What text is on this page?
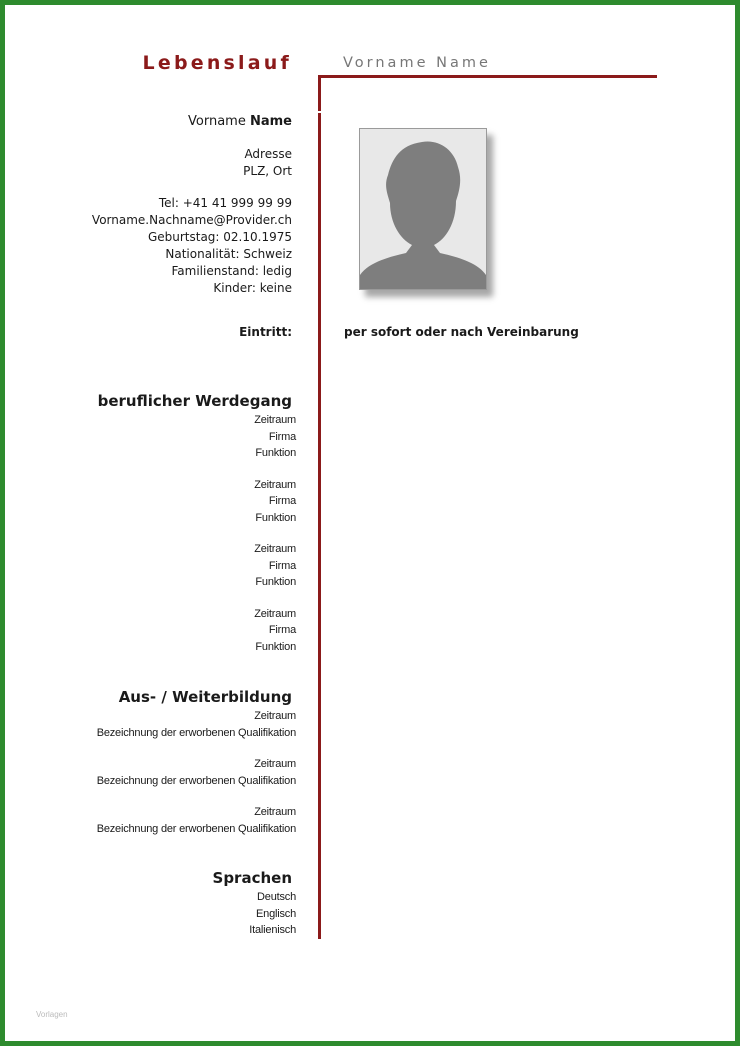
Lebenslauf	Vorname Name
Vorname Name
Adresse
PLZ, Ort
Tel: +41 41 999 99 99
Vorname.Nachname@Provider.ch
Geburtstag: 02.10.1975
Nationalität: Schweiz
Familienstand: ledig
Kinder: keine
Eintritt:	per sofort oder nach Vereinbarung
beruflicher Werdegang
Zeitraum
Firma
Funktion
Zeitraum
Firma
Funktion
Zeitraum
Firma
Funktion
Zeitraum
Firma
Funktion
Aus- / Weiterbildung
Zeitraum
Bezeichnung der erworbenen Qualifikation
Zeitraum
Bezeichnung der erworbenen Qualifikation
Zeitraum
Bezeichnung der erworbenen Qualifikation
Sprachen
Deutsch
Englisch
Italienisch
Vorlagen
